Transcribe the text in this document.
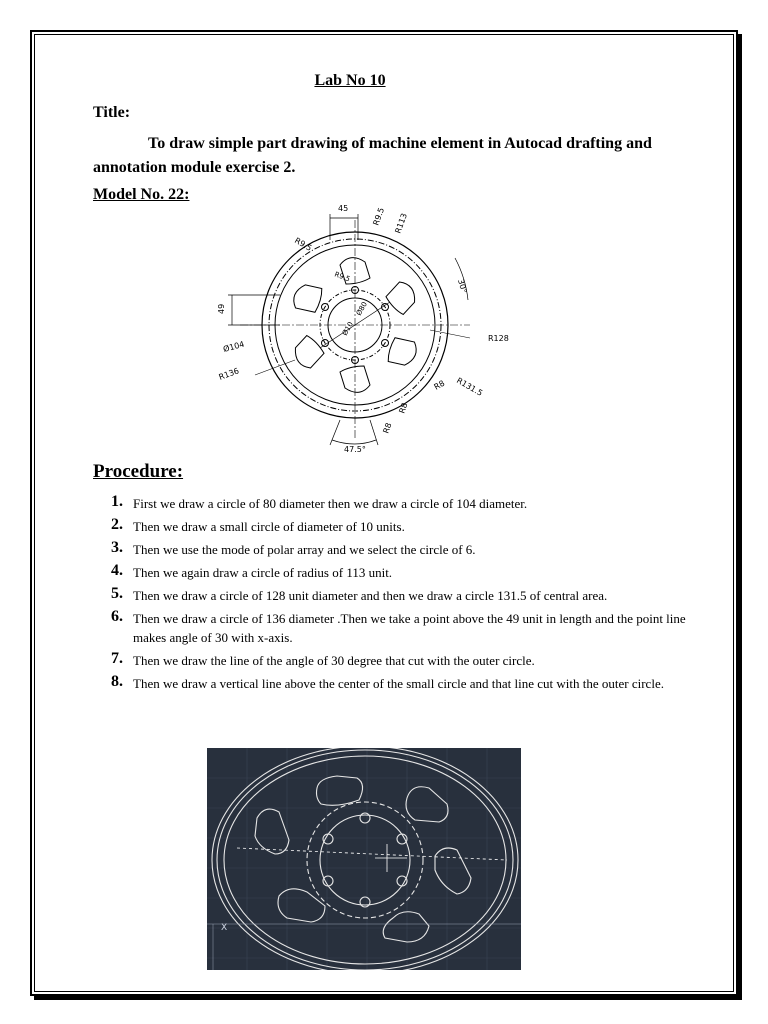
Lab No 10
Title:
To draw simple part drawing of machine element in Autocad drafting and annotation module exercise 2.
Model No. 22:
45	R9.5 R113
R9.5
R9.5
30°
49	Ø80
Ø10
R128
Ø104
R136
R131.5
R8
R8
R8
47.5°
Procedure:
1. First we draw a circle of 80 diameter then we draw a circle of 104 diameter.
2. Then we draw a small circle of diameter of 10 units.
3. Then we use the mode of polar array and we select the circle of 6.
4. Then we again draw a circle of radius of 113 unit.
5. Then we draw a circle of 128 unit diameter and then we draw a circle 131.5 of central area.
6. Then we draw a circle of 136 diameter .Then we take a point above the 49 unit in length and the point line makes angle of 30 with x-axis.
7. Then we draw the line of the angle of 30 degree that cut with the outer circle.
8. Then we draw a vertical line above the center of the small circle and that line cut with the outer circle.
X
